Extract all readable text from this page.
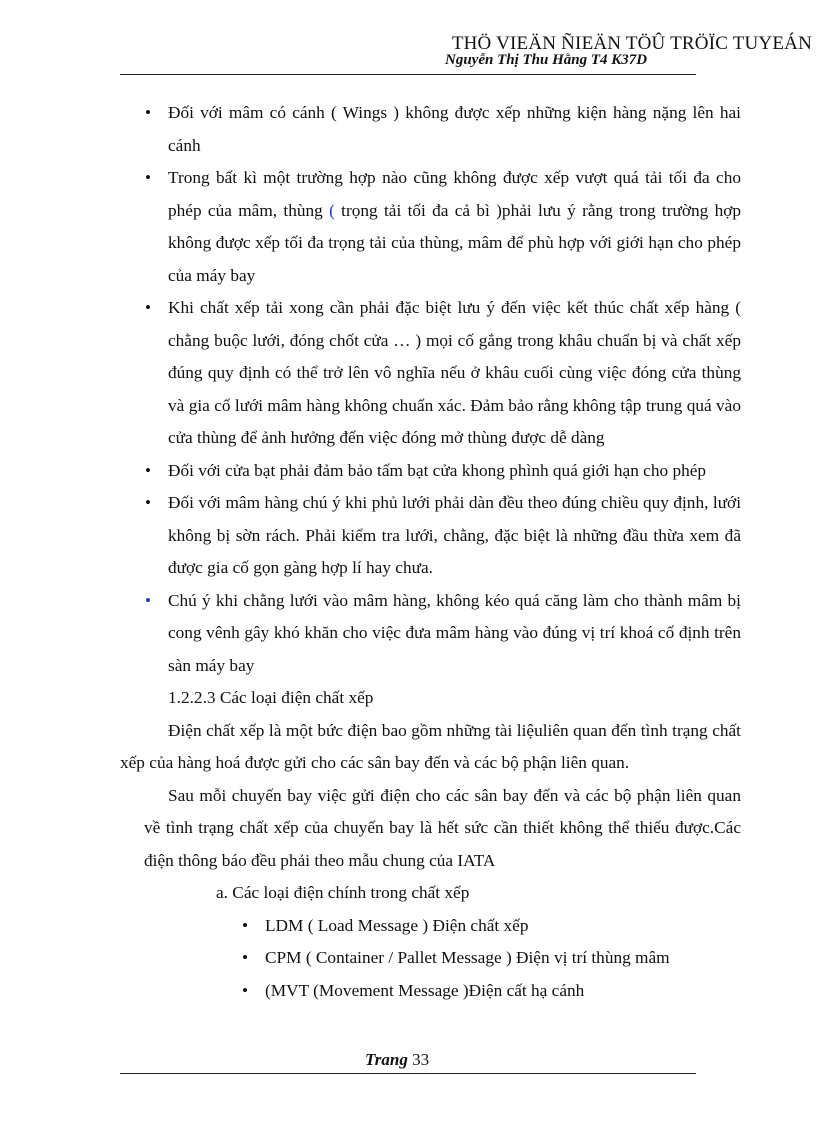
THÖ VIEÄN ÑIEÄN TÖÛ TRÖÏC TUYEÁN
Nguyễn Thị Thu Hằng T4 K37D
• Đối với mâm có cánh ( Wings ) không được xếp những kiện hàng nặng lên hai cánh
• Trong bất kì một trường hợp nào cũng không được xếp vượt quá tải tối đa cho phép của mâm, thùng ( trọng tải tối đa cả bì )phải lưu ý rằng trong trường hợp không được xếp tối đa trọng tải của thùng, mâm để phù hợp với giới hạn cho phép của máy bay
• Khi chất xếp tải xong cần phải đặc biệt lưu ý đến việc kết thúc chất xếp hàng ( chằng buộc lưới, đóng chốt cửa … ) mọi cố gắng trong khâu chuẩn bị và chất xếp đúng quy định có thể trở lên vô nghĩa nếu ở khâu cuối cùng việc đóng cửa thùng và gia cố lưới mâm hàng không chuẩn xác. Đảm bảo rằng không tập trung quá vào cửa thùng để ảnh hưởng đến việc đóng mở thùng được dễ dàng
• Đối với cửa bạt phải đảm bảo tấm bạt cửa khong phình quá giới hạn cho phép
• Đối với mâm hàng chú ý khi phủ lưới phải dàn đều theo đúng chiều quy định, lưới không bị sờn rách. Phải kiểm tra lưới, chằng, đặc biệt là những đầu thừa xem đã được gia cố gọn gàng hợp lí hay chưa.
• Chú ý khi chằng lưới vào mâm hàng, không kéo quá căng làm cho thành mâm bị cong vênh gây khó khăn cho việc đưa mâm hàng vào đúng vị trí khoá cố định trên sàn máy bay
1.2.2.3 Các loại điện chất xếp

Điện chất xếp là một bức điện bao gồm những tài liệuliên quan đến tình trạng chất xếp của hàng hoá được gửi cho các sân bay đến và các bộ phận liên quan.

Sau mỗi chuyến bay việc gửi điện cho các sân bay đến và các bộ phận liên quan về tình trạng chất xếp của chuyến bay là hết sức cần thiết không thể thiếu được.Các điện thông báo đều phải theo mẫu chung của IATA

a. Các loại điện chính trong chất xếp
• LDM ( Load Message ) Điện chất xếp
• CPM ( Container / Pallet Message ) Điện vị trí thùng mâm
• (MVT (Movement Message )Điện cất hạ cánh
Trang 33
